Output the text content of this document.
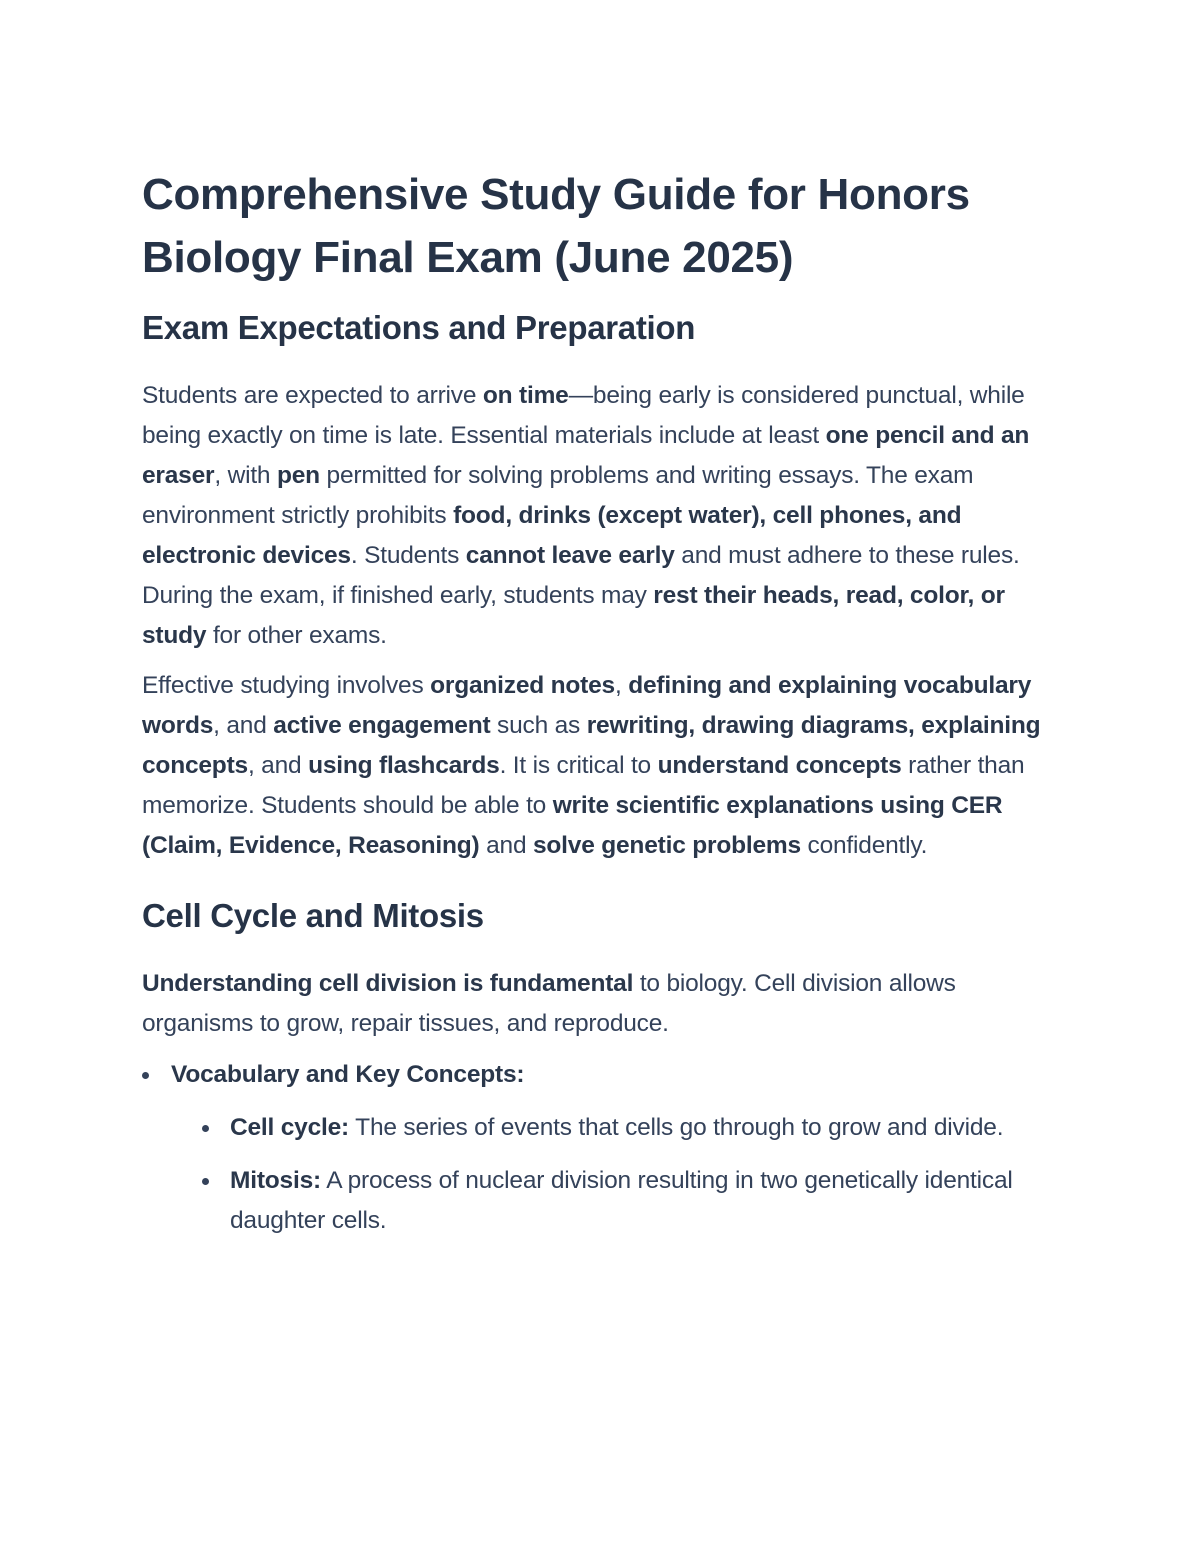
Comprehensive Study Guide for Honors Biology Final Exam (June 2025)
Exam Expectations and Preparation

Students are expected to arrive on time—being early is considered punctual, while being exactly on time is late. Essential materials include at least one pencil and an eraser, with pen permitted for solving problems and writing essays. The exam environment strictly prohibits food, drinks (except water), cell phones, and electronic devices. Students cannot leave early and must adhere to these rules. During the exam, if finished early, students may rest their heads, read, color, or study for other exams.

Effective studying involves organized notes, defining and explaining vocabulary words, and active engagement such as rewriting, drawing diagrams, explaining concepts, and using flashcards. It is critical to understand concepts rather than memorize. Students should be able to write scientific explanations using CER (Claim, Evidence, Reasoning) and solve genetic problems confidently.

Cell Cycle and Mitosis

Understanding cell division is fundamental to biology. Cell division allows organisms to grow, repair tissues, and reproduce.

Vocabulary and Key Concepts:
Cell cycle: The series of events that cells go through to grow and divide.
Mitosis: A process of nuclear division resulting in two genetically identical daughter cells.
